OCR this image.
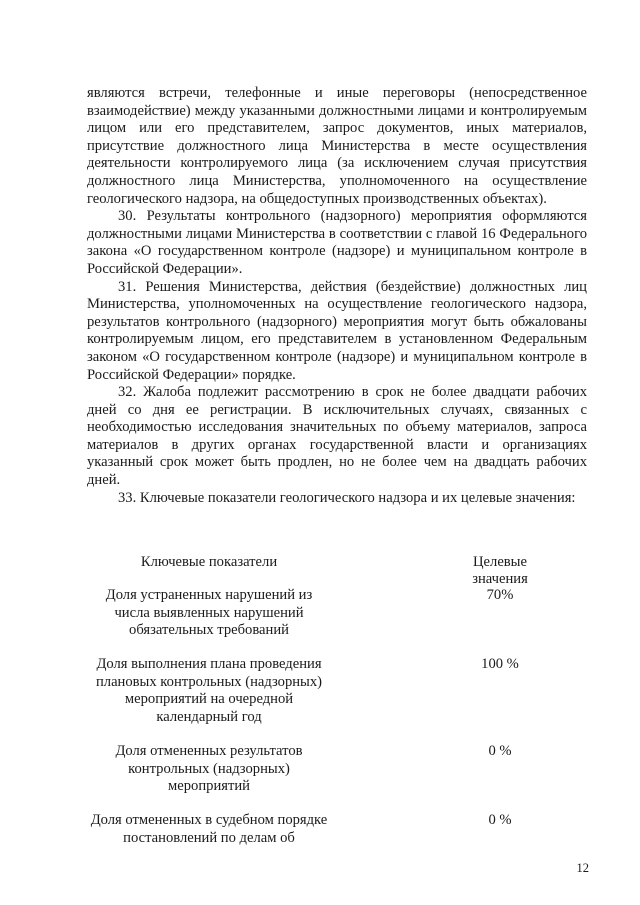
являются встречи, телефонные и иные переговоры (непосредственное взаимодействие) между указанными должностными лицами и контролируемым лицом или его представителем, запрос документов, иных материалов, присутствие должностного лица Министерства в месте осуществления деятельности контролируемого лица (за исключением случая присутствия должностного лица Министерства, уполномоченного на осуществление геологического надзора, на общедоступных производственных объектах).

30. Результаты контрольного (надзорного) мероприятия оформляются должностными лицами Министерства в соответствии с главой 16 Федерального закона «О государственном контроле (надзоре) и муниципальном контроле в Российской Федерации».

31. Решения Министерства, действия (бездействие) должностных лиц Министерства, уполномоченных на осуществление геологического надзора, результатов контрольного (надзорного) мероприятия могут быть обжалованы контролируемым лицом, его представителем в установленном Федеральным законом «О государственном контроле (надзоре) и муниципальном контроле в Российской Федерации» порядке.

32. Жалоба подлежит рассмотрению в срок не более двадцати рабочих дней со дня ее регистрации. В исключительных случаях, связанных с необходимостью исследования значительных по объему материалов, запроса материалов в других органах государственной власти и организациях указанный срок может быть продлен, но не более чем на двадцать рабочих дней.

33. Ключевые показатели геологического надзора и их целевые значения:

Ключевые показатели	Целевые значения
Доля устраненных нарушений из числа выявленных нарушений обязательных требований
70%
Доля выполнения плана проведения плановых контрольных (надзорных) мероприятий на очередной календарный год
100 %
Доля отмененных результатов контрольных (надзорных) мероприятий
0 %
Доля отмененных в судебном порядке постановлений по делам об
0 %
12
